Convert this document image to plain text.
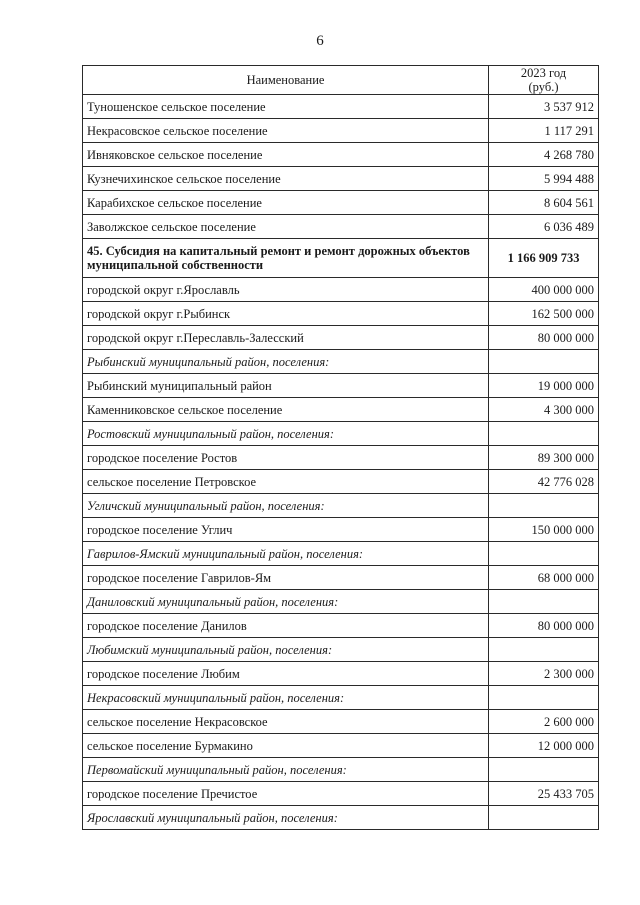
6
Наименование	2023 год
(руб.)
Туношенское сельское поселение	3 537 912
Некрасовское сельское поселение	1 117 291
Ивняковское сельское поселение	4 268 780
Кузнечихинское сельское поселение	5 994 488
Карабихское сельское поселение	8 604 561
Заволжское сельское поселение	6 036 489
45. Субсидия на капитальный ремонт и ремонт дорожных объектов муниципальной собственности	1 166 909 733
городской округ г.Ярославль	400 000 000
городской округ г.Рыбинск	162 500 000
городской округ г.Переславль-Залесский	80 000 000
Рыбинский муниципальный район, поселения:	
Рыбинский муниципальный район	19 000 000
Каменниковское сельское поселение	4 300 000
Ростовский муниципальный район, поселения:	
городское поселение Ростов	89 300 000
сельское поселение Петровское	42 776 028
Угличский муниципальный район, поселения:	
городское поселение Углич	150 000 000
Гаврилов-Ямский муниципальный район, поселения:	
городское поселение Гаврилов-Ям	68 000 000
Даниловский муниципальный район, поселения:	
городское поселение Данилов	80 000 000
Любимский муниципальный район, поселения:	
городское поселение Любим	2 300 000
Некрасовский муниципальный район, поселения:	
сельское поселение Некрасовское	2 600 000
сельское поселение Бурмакино	12 000 000
Первомайский муниципальный район, поселения:	
городское поселение Пречистое	25 433 705
Ярославский муниципальный район, поселения:	
